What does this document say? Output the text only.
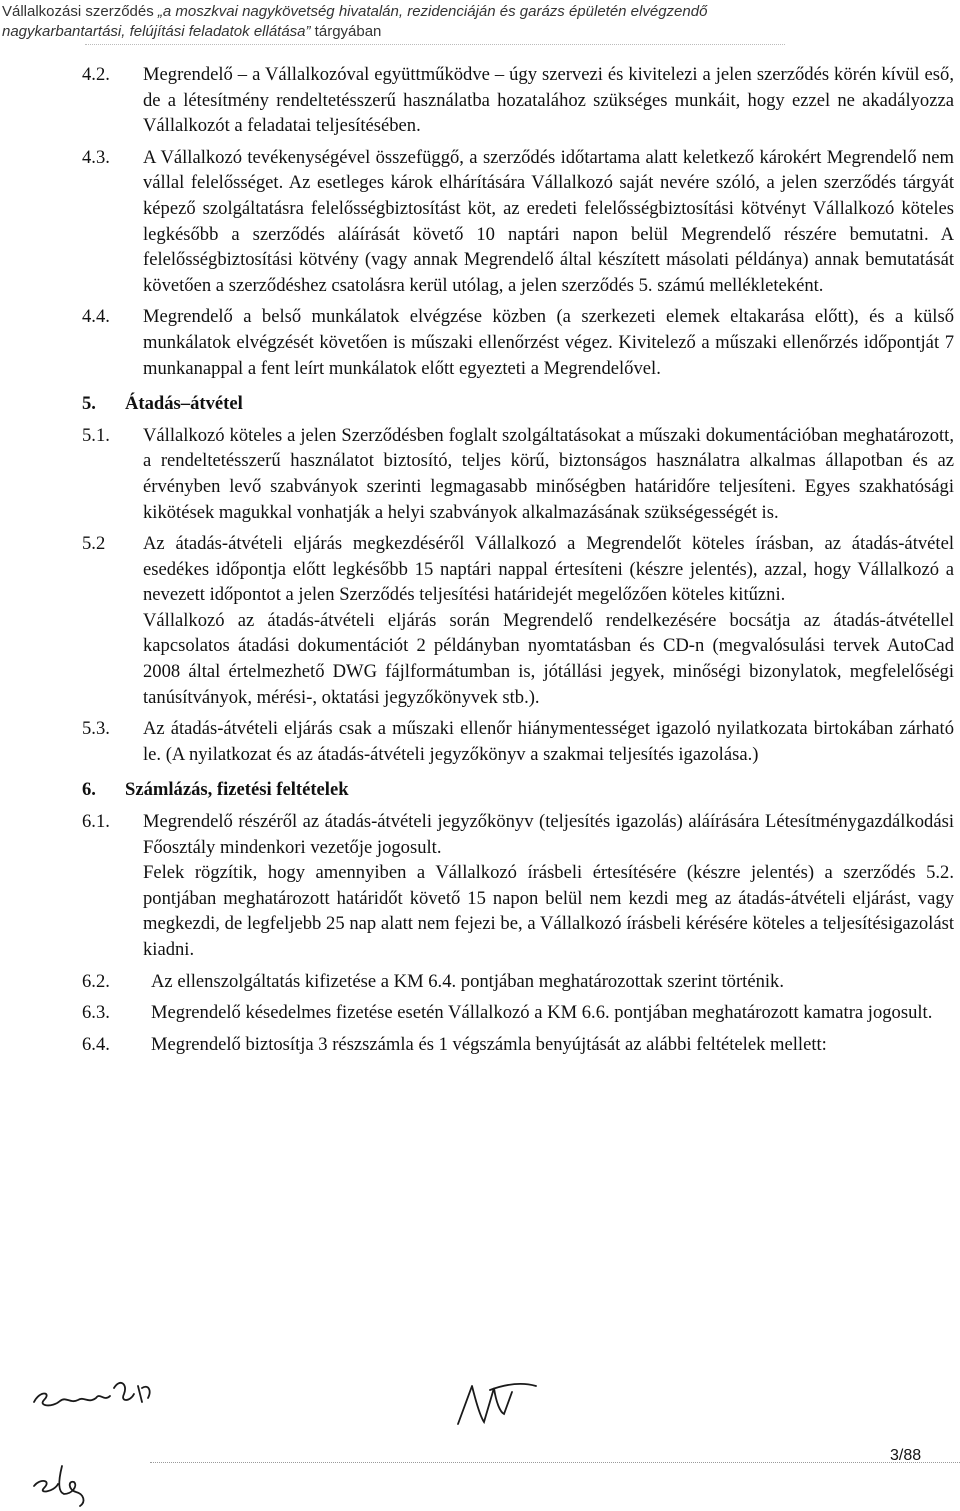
Vállalkozási szerződés „a moszkvai nagykövetség hivatalán, rezidenciáján és garázs épületén elvégzendő
nagykarbantartási, felújítási feladatok ellátása” tárgyában
4.2.	Megrendelő – a Vállalkozóval együttműködve – úgy szervezi és kivitelezi a jelen szerződés körén kívül eső, de a létesítmény rendeltetésszerű használatba hozatalához szükséges munkáit, hogy ezzel ne akadályozza Vállalkozót a feladatai teljesítésében.
4.3.	A Vállalkozó tevékenységével összefüggő, a szerződés időtartama alatt keletkező károkért Megrendelő nem vállal felelősséget. Az esetleges károk elhárítására Vállalkozó saját nevére szóló, a jelen szerződés tárgyát képező szolgáltatásra felelősségbiztosítást köt, az eredeti felelősségbiztosítási kötvényt Vállalkozó köteles legkésőbb a szerződés aláírását követő 10 naptári napon belül Megrendelő részére bemutatni. A felelősségbiztosítási kötvény (vagy annak Megrendelő által készített másolati példánya) annak bemutatását követően a szerződéshez csatolásra kerül utólag, a jelen szerződés 5. számú mellékleteként.
4.4.	Megrendelő a belső munkálatok elvégzése közben (a szerkezeti elemek eltakarása előtt), és a külső munkálatok elvégzését követően is műszaki ellenőrzést végez. Kivitelező a műszaki ellenőrzés időpontját 7 munkanappal a fent leírt munkálatok előtt egyezteti a Megrendelővel.
5.	Átadás–átvétel
5.1.	Vállalkozó köteles a jelen Szerződésben foglalt szolgáltatásokat a műszaki dokumentációban meghatározott, a rendeltetésszerű használatot biztosító, teljes körű, biztonságos használatra alkalmas állapotban és az érvényben levő szabványok szerinti legmagasabb minőségben határidőre teljesíteni. Egyes szakhatósági kikötések magukkal vonhatják a helyi szabványok alkalmazásának szükségességét is.
5.2	Az átadás-átvételi eljárás megkezdéséről Vállalkozó a Megrendelőt köteles írásban, az átadás-átvétel esedékes időpontja előtt legkésőbb 15 naptári nappal értesíteni (készre jelentés), azzal, hogy Vállalkozó a nevezett időpontot a jelen Szerződés teljesítési határidejét megelőzően köteles kitűzni.

Vállalkozó az átadás-átvételi eljárás során Megrendelő rendelkezésére bocsátja az átadás-átvétellel kapcsolatos átadási dokumentációt 2 példányban nyomtatásban és CD-n (megvalósulási tervek AutoCad 2008 által értelmezhető DWG fájlformátumban is, jótállási jegyek, minőségi bizonylatok, megfelelőségi tanúsítványok, mérési-, oktatási jegyzőkönyvek stb.).

5.3.	Az átadás-átvételi eljárás csak a műszaki ellenőr hiánymentességet igazoló nyilatkozata birtokában zárható le. (A nyilatkozat és az átadás-átvételi jegyzőkönyv a szakmai teljesítés igazolása.)
6.	Számlázás, fizetési feltételek
6.1.	Megrendelő részéről az átadás-átvételi jegyzőkönyv (teljesítés igazolás) aláírására Létesítménygazdálkodási Főosztály mindenkori vezetője jogosult.

Felek rögzítik, hogy amennyiben a Vállalkozó írásbeli értesítésére (készre jelentés) a szerződés 5.2. pontjában meghatározott határidőt követő 15 napon belül nem kezdi meg az átadás-átvételi eljárást, vagy megkezdi, de legfeljebb 25 nap alatt nem fejezi be, a Vállalkozó írásbeli kérésére köteles a teljesítésigazolást kiadni.

6.2.	Az ellenszolgáltatás kifizetése a KM 6.4. pontjában meghatározottak szerint történik.
6.3.	Megrendelő késedelmes fizetése esetén Vállalkozó a KM 6.6. pontjában meghatározott kamatra jogosult.
6.4.	Megrendelő biztosítja 3 részszámla és 1 végszámla benyújtását az alábbi feltételek mellett:
3/88
